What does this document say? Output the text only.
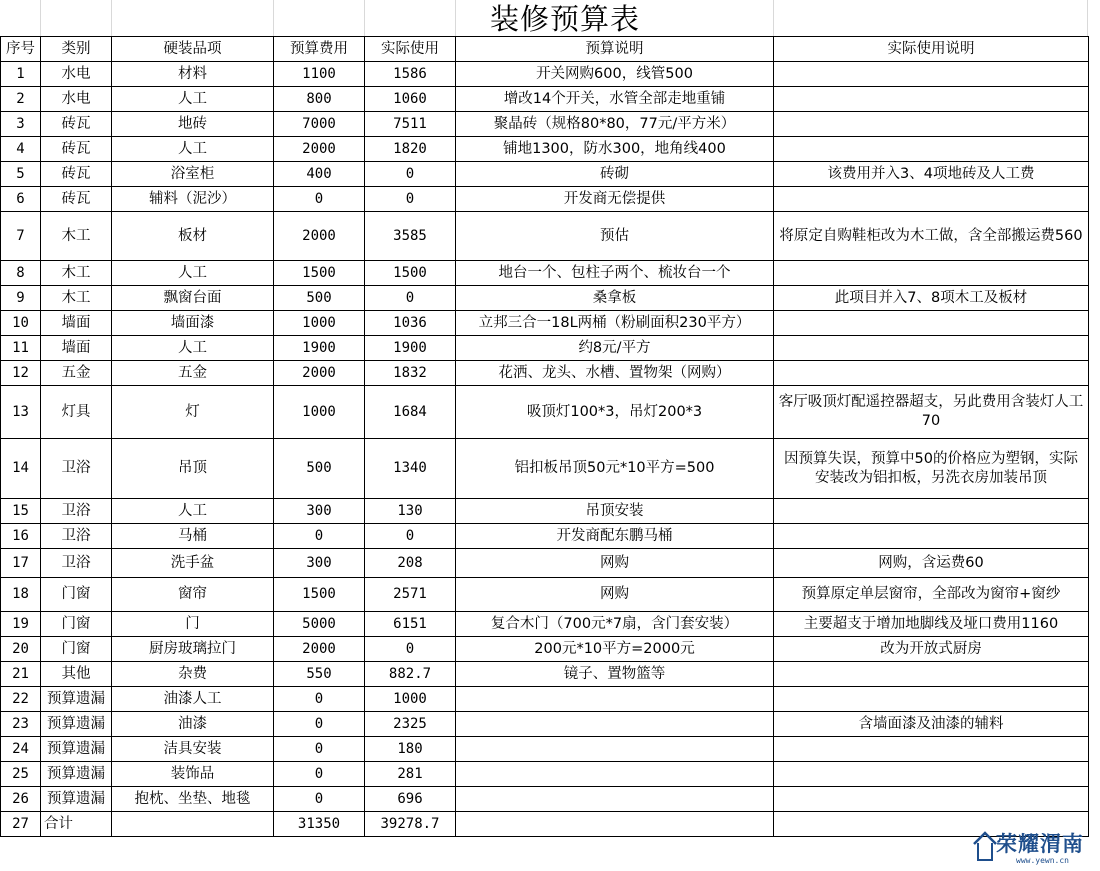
装修预算表
序号	类别	硬装品项	预算费用	实际使用	预算说明	实际使用说明
1	水电	材料	1100	1586	开关网购600，线管500	
2	水电	人工	800	1060	增改14个开关，水管全部走地重铺	
3	砖瓦	地砖	7000	7511	聚晶砖（规格80*80，77元/平方米）	
4	砖瓦	人工	2000	1820	铺地1300，防水300，地角线400	
5	砖瓦	浴室柜	400	0	砖砌	该费用并入3、4项地砖及人工费
6	砖瓦	辅料（泥沙）	0	0	开发商无偿提供	
7	木工	板材	2000	3585	预估	将原定自购鞋柜改为木工做，含全部搬运费560
8	木工	人工	1500	1500	地台一个、包柱子两个、梳妆台一个	
9	木工	飘窗台面	500	0	桑拿板	此项目并入7、8项木工及板材
10	墙面	墙面漆	1000	1036	立邦三合一18L两桶（粉刷面积230平方）	
11	墙面	人工	1900	1900	约8元/平方	
12	五金	五金	2000	1832	花洒、龙头、水槽、置物架（网购）	
13	灯具	灯	1000	1684	吸顶灯100*3，吊灯200*3	客厅吸顶灯配遥控器超支，另此费用含装灯人工70
14	卫浴	吊顶	500	1340	铝扣板吊顶50元*10平方=500	因预算失误，预算中50的价格应为塑钢，实际安装改为铝扣板，另洗衣房加装吊顶
15	卫浴	人工	300	130	吊顶安装	
16	卫浴	马桶	0	0	开发商配东鹏马桶	
17	卫浴	洗手盆	300	208	网购	网购，含运费60
18	门窗	窗帘	1500	2571	网购	预算原定单层窗帘，全部改为窗帘+窗纱
19	门窗	门	5000	6151	复合木门（700元*7扇，含门套安装）	主要超支于增加地脚线及垭口费用1160
20	门窗	厨房玻璃拉门	2000	0	200元*10平方=2000元	改为开放式厨房
21	其他	杂费	550	882.7	镜子、置物篮等	
22	预算遗漏	油漆人工	0	1000		
23	预算遗漏	油漆	0	2325		含墙面漆及油漆的辅料
24	预算遗漏	洁具安装	0	180		
25	预算遗漏	装饰品	0	281		
26	预算遗漏	抱枕、坐垫、地毯	0	696		
27	合计		31350	39278.7		
荣耀渭南
www.yewn.cn
